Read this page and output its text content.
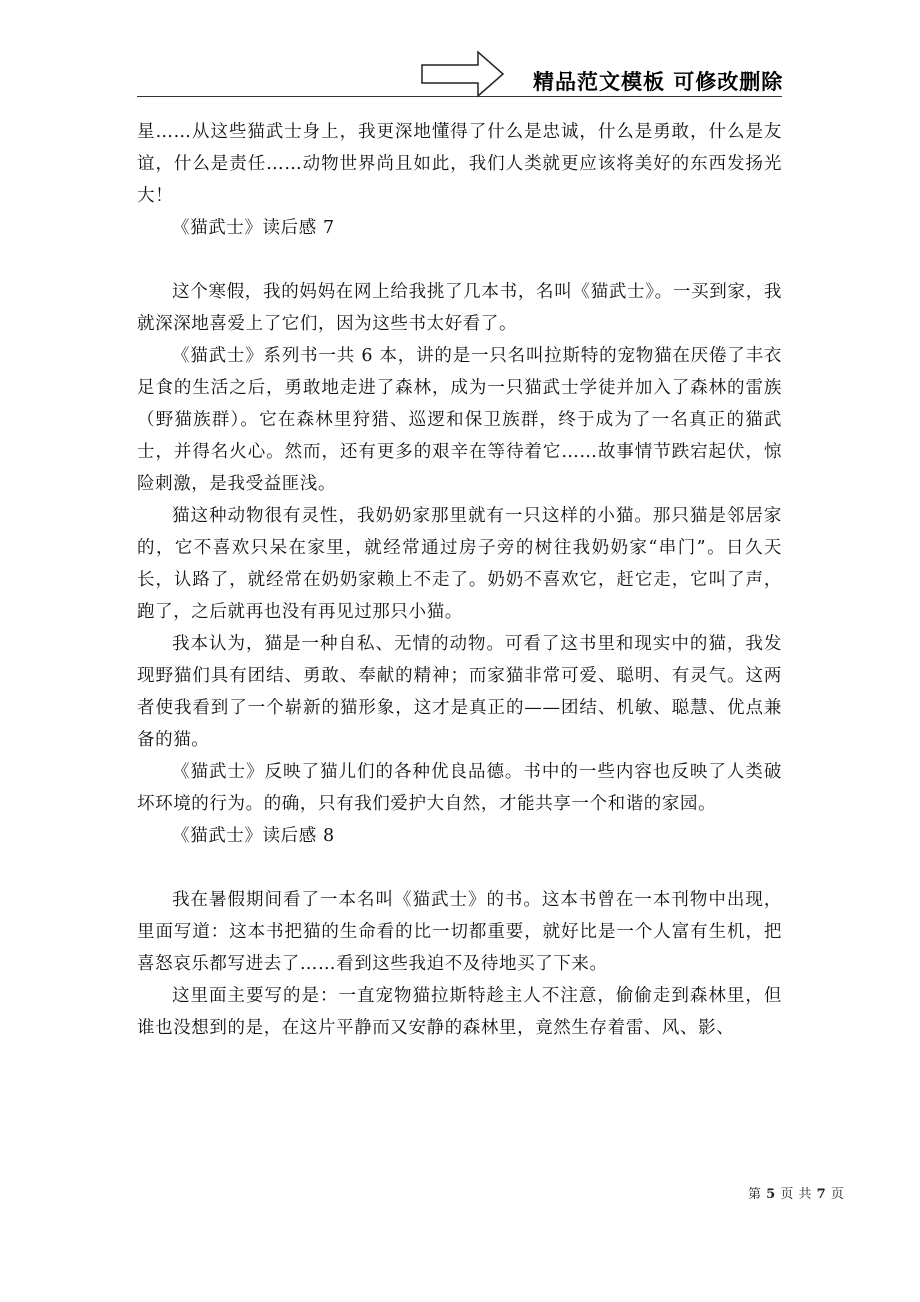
精品范文模板 可修改删除

星……从这些猫武士身上，我更深地懂得了什么是忠诚，什么是勇敢，什么是友谊，什么是责任……动物世界尚且如此，我们人类就更应该将美好的东西发扬光大！

《猫武士》读后感 7

这个寒假，我的妈妈在网上给我挑了几本书，名叫《猫武士》。一买到家，我就深深地喜爱上了它们，因为这些书太好看了。

《猫武士》系列书一共 6 本，讲的是一只名叫拉斯特的宠物猫在厌倦了丰衣足食的生活之后，勇敢地走进了森林，成为一只猫武士学徒并加入了森林的雷族（野猫族群）。它在森林里狩猎、巡逻和保卫族群，终于成为了一名真正的猫武士，并得名火心。然而，还有更多的艰辛在等待着它……故事情节跌宕起伏，惊险刺激，是我受益匪浅。

猫这种动物很有灵性，我奶奶家那里就有一只这样的小猫。那只猫是邻居家的，它不喜欢只呆在家里，就经常通过房子旁的树往我奶奶家“串门”。日久天长，认路了，就经常在奶奶家赖上不走了。奶奶不喜欢它，赶它走，它叫了声，跑了，之后就再也没有再见过那只小猫。

我本认为，猫是一种自私、无情的动物。可看了这书里和现实中的猫，我发现野猫们具有团结、勇敢、奉献的精神；而家猫非常可爱、聪明、有灵气。这两者使我看到了一个崭新的猫形象，这才是真正的——团结、机敏、聪慧、优点兼备的猫。

《猫武士》反映了猫儿们的各种优良品德。书中的一些内容也反映了人类破坏环境的行为。的确，只有我们爱护大自然，才能共享一个和谐的家园。

《猫武士》读后感 8

我在暑假期间看了一本名叫《猫武士》的书。这本书曾在一本刊物中出现，里面写道：这本书把猫的生命看的比一切都重要，就好比是一个人富有生机，把喜怒哀乐都写进去了……看到这些我迫不及待地买了下来。

这里面主要写的是：一直宠物猫拉斯特趁主人不注意，偷偷走到森林里，但谁也没想到的是，在这片平静而又安静的森林里，竟然生存着雷、风、影、

第 5 页 共 7 页
